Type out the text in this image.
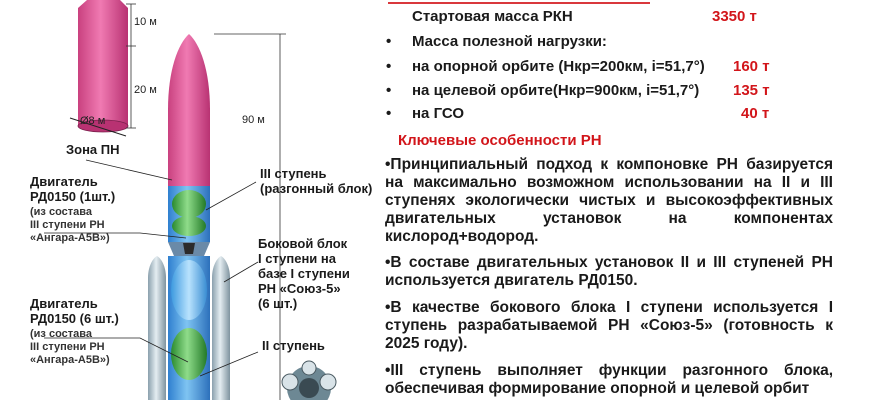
10 м
20 м
Ø8 м	90 м
Зона ПН
Двигатель
РД0150 (1шт.)
(из состава
III ступени РН
«Ангара-А5В»)
Двигатель
РД0150 (6 шт.)
(из состава
III ступени РН
«Ангара-А5В»)
III ступень
(разгонный блок)
Боковой блок
I ступени на
базе I ступени
РН «Союз-5»
(6 шт.)
II ступень
Стартовая масса РКН	3350 т
• Масса полезной нагрузки:
• на опорной орбите (Нкр=200км, i=51,7°) 160 т
• на целевой орбите(Нкр=900км, i=51,7°) 135 т
• на ГСО	40 т
Ключевые особенности РН
•Принципиальный подход к компоновке РН базируется на максимально возможном использовании на II и III ступенях экологически чистых и высокоэффективных двигательных установок на компонентах кислород+водород.
•В составе двигательных установок II и III ступеней РН используется двигатель РД0150.
•В качестве бокового блока I ступени используется I ступень разрабатываемой РН «Союз-5» (готовность к 2025 году).
•III ступень выполняет функции разгонного блока, обеспечивая формирование опорной и целевой орбит
